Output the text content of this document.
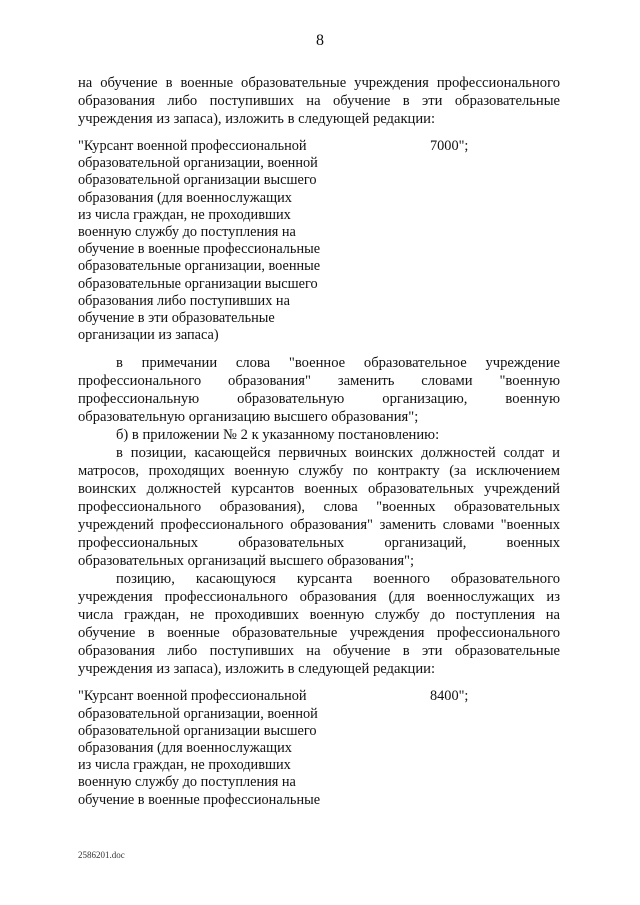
8
на обучение в военные образовательные учреждения профессионального
образования либо поступивших на обучение в эти образовательные
учреждения из запаса), изложить в следующей редакции:
"Курсант военной профессиональной
образовательной организации, военной
образовательной организации высшего
образования (для военнослужащих
из числа граждан, не проходивших
военную службу до поступления на
обучение в военные профессиональные
образовательные организации, военные
образовательные организации высшего
образования либо поступивших на
обучение в эти образовательные
организации из запаса)
7000";
в примечании слова "военное образовательное учреждение
профессионального образования" заменить словами "военную
профессиональную образовательную организацию, военную
образовательную организацию высшего образования";
б) в приложении № 2 к указанному постановлению:
в позиции, касающейся первичных воинских должностей солдат и
матросов, проходящих военную службу по контракту (за исключением
воинских должностей курсантов военных образовательных учреждений
профессионального образования), слова "военных образовательных
учреждений профессионального образования" заменить словами "военных
профессиональных образовательных организаций, военных
образовательных организаций высшего образования";
позицию, касающуюся курсанта военного образовательного
учреждения профессионального образования (для военнослужащих из
числа граждан, не проходивших военную службу до поступления на
обучение в военные образовательные учреждения профессионального
образования либо поступивших на обучение в эти образовательные
учреждения из запаса), изложить в следующей редакции:
"Курсант военной профессиональной
образовательной организации, военной
образовательной организации высшего
образования (для военнослужащих
из числа граждан, не проходивших
военную службу до поступления на
обучение в военные профессиональные
8400";
2586201.doc
